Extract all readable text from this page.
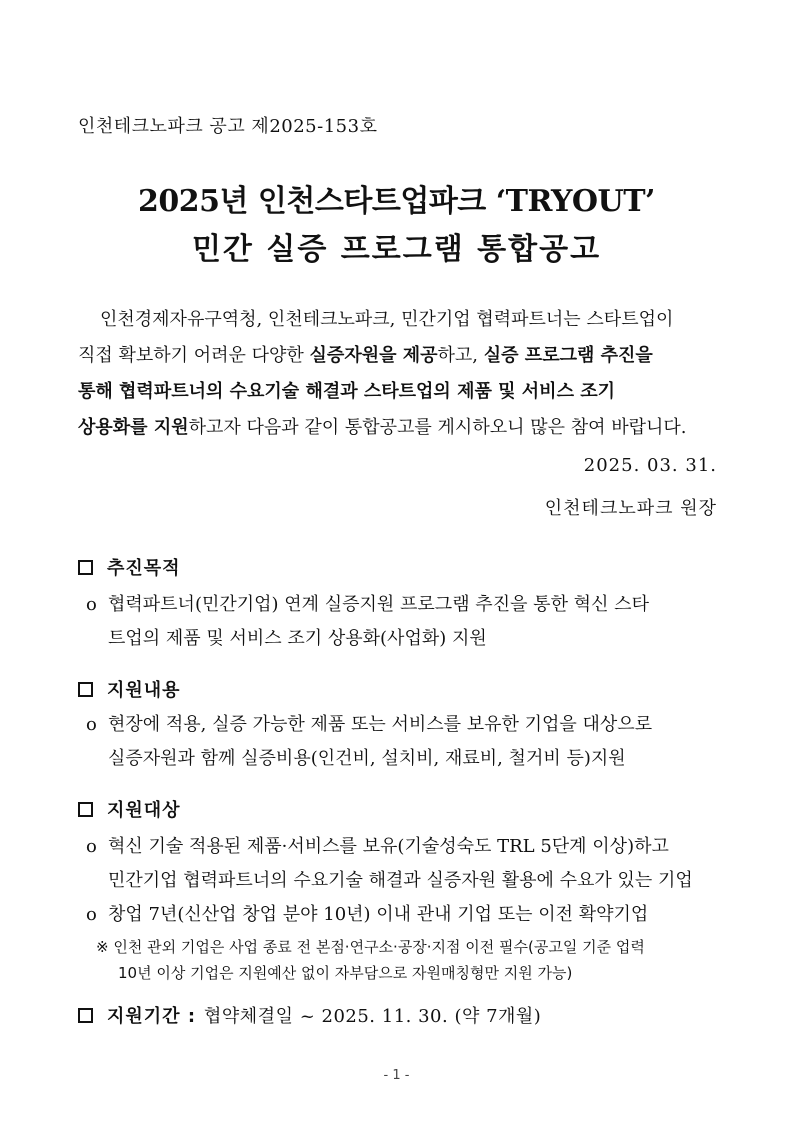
인천테크노파크 공고 제2025-153호
2025년 인천스타트업파크 ‘TRYOUT’
민간 실증 프로그램 통합공고
인천경제자유구역청, 인천테크노파크, 민간기업 협력파트너는 스타트업이
직접 확보하기 어려운 다양한 실증자원을 제공하고, 실증 프로그램 추진을
통해 협력파트너의 수요기술 해결과 스타트업의 제품 및 서비스 조기
상용화를 지원하고자 다음과 같이 통합공고를 게시하오니 많은 참여 바랍니다.
2025. 03. 31.
인천테크노파크 원장
추진목적
o 협력파트너(민간기업) 연계 실증지원 프로그램 추진을 통한 혁신 스타
트업의 제품 및 서비스 조기 상용화(사업화) 지원
지원내용
o 현장에 적용, 실증 가능한 제품 또는 서비스를 보유한 기업을 대상으로
실증자원과 함께 실증비용(인건비, 설치비, 재료비, 철거비 등)지원
지원대상
o 혁신 기술 적용된 제품·서비스를 보유(기술성숙도 TRL 5단계 이상)하고
민간기업 협력파트너의 수요기술 해결과 실증자원 활용에 수요가 있는 기업
o 창업 7년(신산업 창업 분야 10년) 이내 관내 기업 또는 이전 확약기업
※ 인천 관외 기업은 사업 종료 전 본점·연구소·공장·지점 이전 필수(공고일 기준 업력
10년 이상 기업은 지원예산 없이 자부담으로 자원매칭형만 지원 가능)
지원기간 : 협약체결일 ~ 2025. 11. 30. (약 7개월)
- 1 -
